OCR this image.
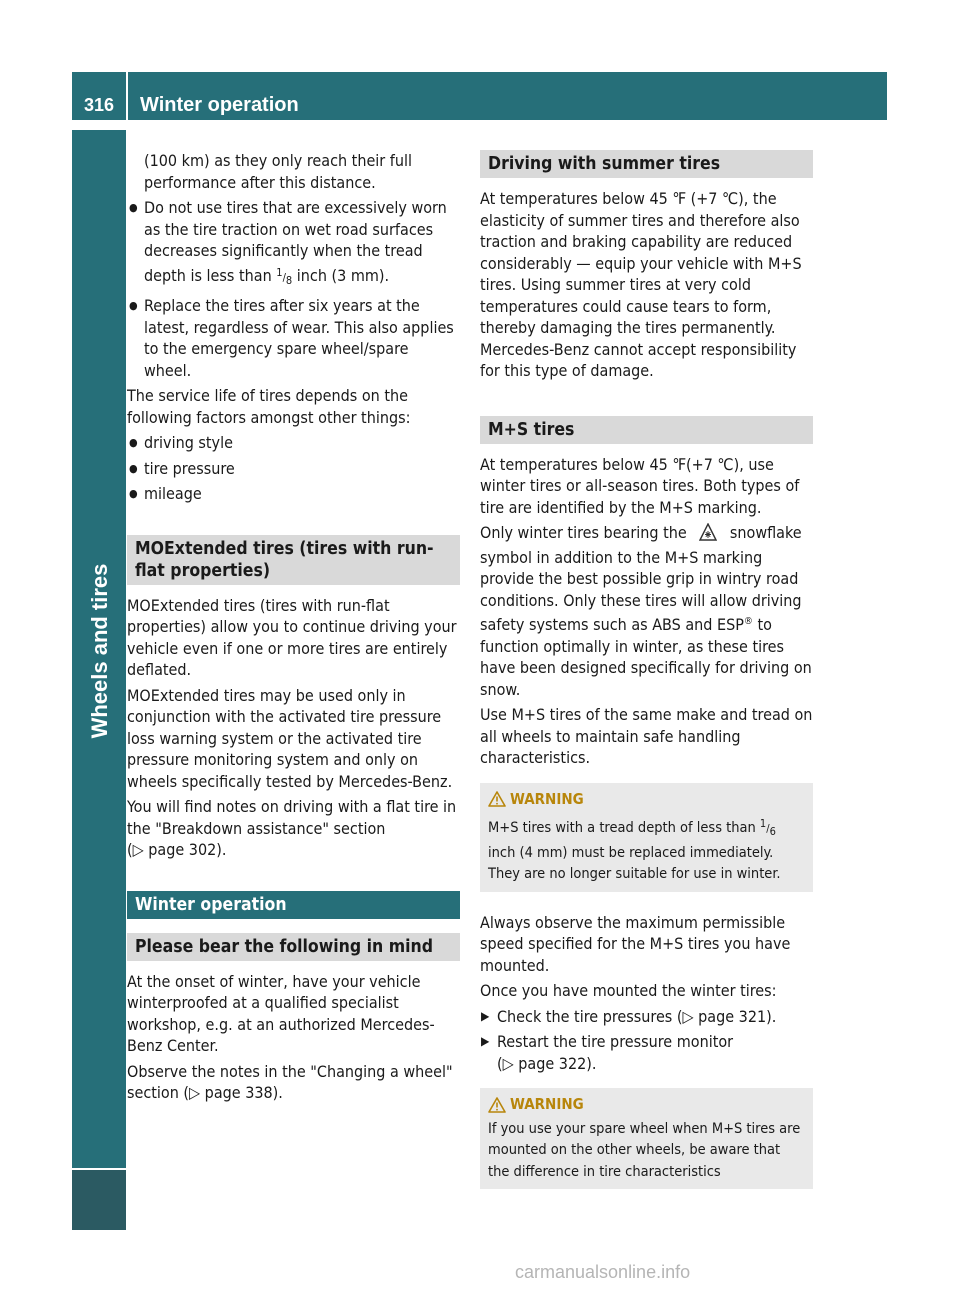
316	Winter operation
Wheels and tires

(100 km) as they only reach their full performance after this distance.

● Do not use tires that are excessively worn as the tire traction on wet road surfaces decreases significantly when the tread depth is less than 1/8 inch (3 mm).
● Replace the tires after six years at the latest, regardless of wear. This also applies to the emergency spare wheel/spare wheel.

The service life of tires depends on the following factors amongst other things:

● driving style
● tire pressure
● mileage
MOExtended tires (tires with run-flat properties)

MOExtended tires (tires with run-flat properties) allow you to continue driving your vehicle even if one or more tires are entirely deflated.

MOExtended tires may be used only in conjunction with the activated tire pressure loss warning system or the activated tire pressure monitoring system and only on wheels specifically tested by Mercedes-Benz.

You will find notes on driving with a flat tire in the "Breakdown assistance" section
(▷ page 302).

Winter operation
Please bear the following in mind

At the onset of winter, have your vehicle winterproofed at a qualified specialist workshop, e.g. at an authorized Mercedes-Benz Center.

Observe the notes in the "Changing a wheel" section (▷ page 338).

Driving with summer tires

At temperatures below 45 ℉ (+7 ℃), the elasticity of summer tires and therefore also traction and braking capability are reduced considerably — equip your vehicle with M+S tires. Using summer tires at very cold temperatures could cause tears to form, thereby damaging the tires permanently. Mercedes-Benz cannot accept responsibility for this type of damage.

M+S tires

At temperatures below 45 ℉(+7 ℃), use winter tires or all-season tires. Both types of tire are identified by the M+S marking.

Only winter tires bearing the	snowflake symbol in addition to the M+S marking provide the best possible grip in wintry road conditions. Only these tires will allow driving safety systems such as ABS and ESP® to function optimally in winter, as these tires have been designed specifically for driving on snow.

Use M+S tires of the same make and tread on all wheels to maintain safe handling characteristics.

WARNING
M+S tires with a tread depth of less than 1/6 inch (4 mm) must be replaced immediately. They are no longer suitable for use in winter.

Always observe the maximum permissible speed specified for the M+S tires you have mounted.

Once you have mounted the winter tires:

▶ Check the tire pressures (▷ page 321).
▶ Restart the tire pressure monitor
(▷ page 322).
WARNING
If you use your spare wheel when M+S tires are mounted on the other wheels, be aware that the difference in tire characteristics
carmanualsonline.info
